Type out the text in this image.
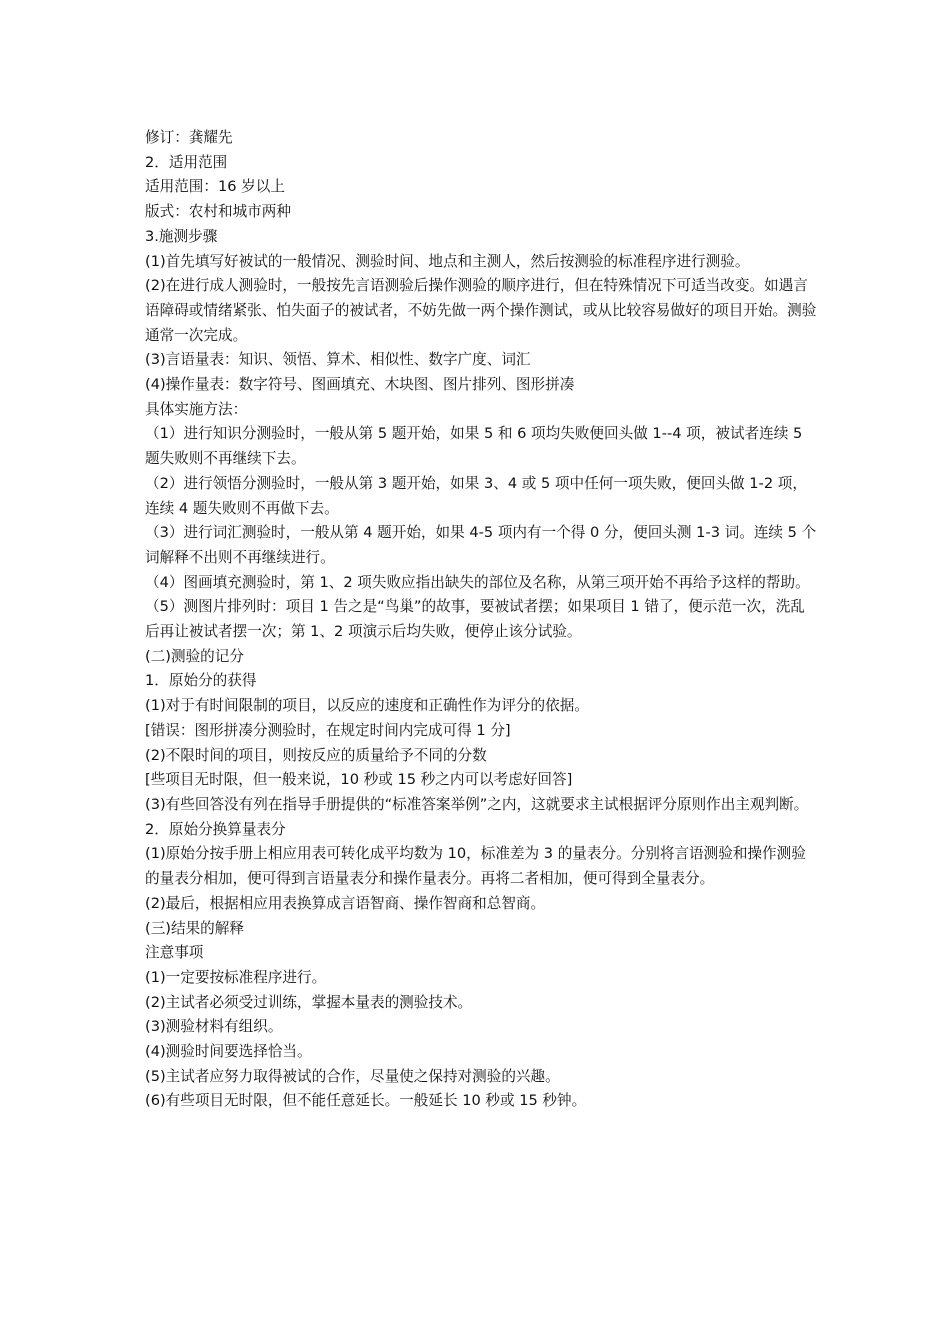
修订：龚耀先

2．适用范围

适用范围：16 岁以上

版式：农村和城市两种

3.施测步骤

(1)首先填写好被试的一般情况、测验时间、地点和主测人，然后按测验的标准程序进行测验。

(2)在进行成人测验时，一般按先言语测验后操作测验的顺序进行，但在特殊情况下可适当改变。如遇言语障碍或情绪紧张、怕失面子的被试者，不妨先做一两个操作测试，或从比较容易做好的项目开始。测验通常一次完成。

(3)言语量表：知识、领悟、算术、相似性、数字广度、词汇

(4)操作量表：数字符号、图画填充、木块图、图片排列、图形拼凑

具体实施方法：

（1）进行知识分测验时，一般从第 5 题开始，如果 5 和 6 项均失败便回头做 1--4 项，被试者连续 5 题失败则不再继续下去。

（2）进行领悟分测验时，一般从第 3 题开始，如果 3、4 或 5 项中任何一项失败，便回头做 1-2 项，连续 4 题失败则不再做下去。

（3）进行词汇测验时，一般从第 4 题开始，如果 4-5 项内有一个得 0 分，便回头测 1-3 词。连续 5 个词解释不出则不再继续进行。

（4）图画填充测验时，第 1、2 项失败应指出缺失的部位及名称，从第三项开始不再给予这样的帮助。

（5）测图片排列时：项目 1 告之是“鸟巢”的故事，要被试者摆；如果项目 1 错了，便示范一次，洗乱后再让被试者摆一次；第 1、2 项演示后均失败，便停止该分试验。

(二)测验的记分

1．原始分的获得

(1)对于有时间限制的项目，以反应的速度和正确性作为评分的依据。

[错误：图形拼凑分测验时，在规定时间内完成可得 1 分]

(2)不限时间的项目，则按反应的质量给予不同的分数

[些项目无时限，但一般来说，10 秒或 15 秒之内可以考虑好回答]

(3)有些回答没有列在指导手册提供的“标准答案举例”之内，这就要求主试根据评分原则作出主观判断。

2．原始分换算量表分

(1)原始分按手册上相应用表可转化成平均数为 10，标准差为 3 的量表分。分别将言语测验和操作测验的量表分相加，便可得到言语量表分和操作量表分。再将二者相加，便可得到全量表分。

(2)最后，根据相应用表换算成言语智商、操作智商和总智商。

(三)结果的解释

注意事项

(1)一定要按标准程序进行。

(2)主试者必须受过训练，掌握本量表的测验技术。

(3)测验材料有组织。

(4)测验时间要选择恰当。

(5)主试者应努力取得被试的合作，尽量使之保持对测验的兴趣。

(6)有些项目无时限，但不能任意延长。一般延长 10 秒或 15 秒钟。
